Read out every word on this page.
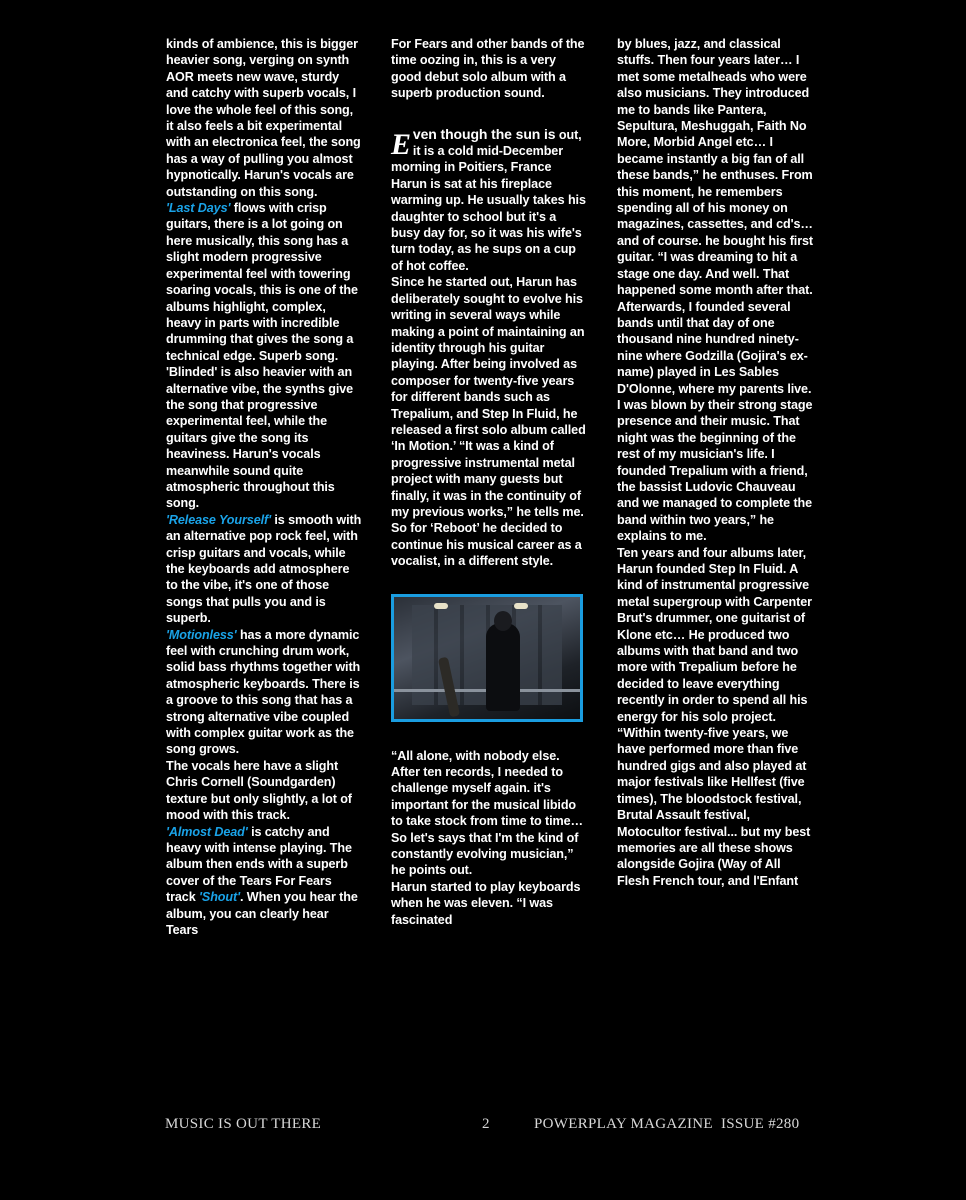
kinds of ambience, this is bigger heavier song, verging on synth AOR meets new wave, sturdy and catchy with superb vocals, I love the whole feel of this song, it also feels a bit experimental with an electronica feel, the song has a way of pulling you almost hypnotically. Harun's vocals are outstanding on this song.

'Last Days' flows with crisp guitars, there is a lot going on here musically, this song has a slight modern progressive experimental feel with towering soaring vocals, this is one of the albums highlight, complex, heavy in parts with incredible drumming that gives the song a technical edge. Superb song.

'Blinded' is also heavier with an alternative vibe, the synths give the song that progressive experimental feel, while the guitars give the song its heaviness. Harun's vocals meanwhile sound quite atmospheric throughout this song.

'Release Yourself' is smooth with an alternative pop rock feel, with crisp guitars and vocals, while the keyboards add atmosphere to the vibe, it's one of those songs that pulls you and is superb.

'Motionless' has a more dynamic feel with crunching drum work, solid bass rhythms together with atmospheric keyboards. There is a groove to this song that has a strong alternative vibe coupled with complex guitar work as the song grows.

The vocals here have a slight Chris Cornell (Soundgarden) texture but only slightly, a lot of mood with this track.

'Almost Dead' is catchy and heavy with intense playing. The album then ends with a superb cover of the Tears For Fears track 'Shout'. When you hear the album, you can clearly hear Tears

For Fears and other bands of the time oozing in, this is a very good debut solo album with a superb production sound.

Even though the sun is out, it is a cold mid-December morning in Poitiers, France

Harun is sat at his fireplace warming up. He usually takes his daughter to school but it's a busy day for, so it was his wife's turn today, as he sups on a cup of hot coffee.

Since he started out, Harun has deliberately sought to evolve his writing in several ways while making a point of maintaining an identity through his guitar playing. After being involved as composer for twenty-five years for different bands such as Trepalium, and Step In Fluid, he released a first solo album called ‘In Motion.’ “It was a kind of progressive instrumental metal project with many guests but finally, it was in the continuity of my previous works,” he tells me. So for ‘Reboot’ he decided to continue his musical career as a vocalist, in a different style.

“All alone, with nobody else. After ten records, I needed to challenge myself again. it's important for the musical libido to take stock from time to time… So let's says that I'm the kind of constantly evolving musician,” he points out.

Harun started to play keyboards when he was eleven. “I was fascinated

by blues, jazz, and classical stuffs. Then four years later… I met some metalheads who were also musicians. They introduced me to bands like Pantera, Sepultura, Meshuggah, Faith No More, Morbid Angel etc… I became instantly a big fan of all these bands,” he enthuses. From this moment, he remembers spending all of his money on magazines, cassettes, and cd's… and of course. he bought his first guitar. “I was dreaming to hit a stage one day. And well. That happened some month after that.

Afterwards, I founded several bands until that day of one thousand nine hundred ninety-nine where Godzilla (Gojira's ex-name) played in Les Sables D'Olonne, where my parents live. I was blown by their strong stage presence and their music. That night was the beginning of the rest of my musician's life. I founded Trepalium with a friend, the bassist Ludovic Chauveau and we managed to complete the band within two years,” he explains to me.

Ten years and four albums later, Harun founded Step In Fluid. A kind of instrumental progressive metal supergroup with Carpenter Brut's drummer, one guitarist of Klone etc… He produced two albums with that band and two more with Trepalium before he decided to leave everything recently in order to spend all his energy for his solo project. “Within twenty-five years, we have performed more than five hundred gigs and also played at major festivals like Hellfest (five times), The bloodstock festival, Brutal Assault festival, Motocultor festival... but my best memories are all these shows alongside Gojira (Way of All Flesh French tour, and l'Enfant

MUSIC IS OUT THERE	2	POWERPLAY MAGAZINE  ISSUE #280
